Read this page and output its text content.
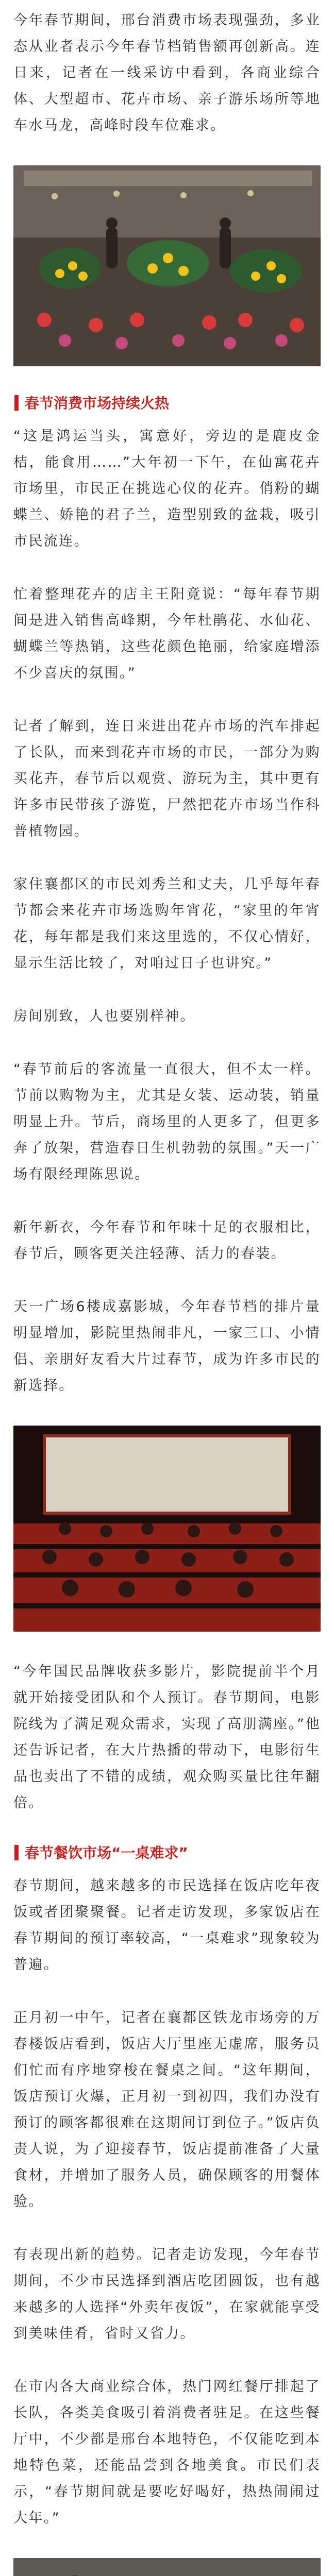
今年春节期间，邢台消费市场表现强劲，多业态从业者表示今年春节档销售额再创新高。连日来，记者在一线采访中看到，各商业综合体、大型超市、花卉市场、亲子游乐场所等地车水马龙，高峰时段车位难求。

春节消费市场持续火热

“这是鸿运当头，寓意好，旁边的是鹿皮金桔，能食用……”大年初一下午，在仙寓花卉市场里，市民正在挑选心仪的花卉。俏粉的蝴蝶兰、娇艳的君子兰，造型别致的盆栽，吸引市民流连。

忙着整理花卉的店主王阳竟说：“每年春节期间是进入销售高峰期，今年杜鹃花、水仙花、蝴蝶兰等热销，这些花颜色艳丽，给家庭增添不少喜庆的氛围。”

记者了解到，连日来进出花卉市场的汽车排起了长队，而来到花卉市场的市民，一部分为购买花卉，春节后以观赏、游玩为主，其中更有许多市民带孩子游览，尸然把花卉市场当作科普植物园。

家住襄都区的市民刘秀兰和丈夫，几乎每年春节都会来花卉市场选购年宵花，“家里的年宵花，每年都是我们来这里选的，不仅心情好，显示生活比较了，对咱过日子也讲究。”

房间别致，人也要别样神。

“春节前后的客流量一直很大，但不太一样。节前以购物为主，尤其是女装、运动装，销量明显上升。节后，商场里的人更多了，但更多奔了放架，营造春日生机勃勃的氛围。”天一广场有限经理陈思说。

新年新衣，今年春节和年味十足的衣服相比，春节后，顾客更关注轻薄、活力的春装。

天一广场6楼成嘉影城，今年春节档的排片量明显增加，影院里热闹非凡，一家三口、小情侣、亲朋好友看大片过春节，成为许多市民的新选择。

“今年国民品牌收获多影片，影院提前半个月就开始接受团队和个人预订。春节期间，电影院线为了满足观众需求，实现了高朋满座。”他还告诉记者，在大片热播的带动下，电影衍生品也卖出了不错的成绩，观众购买量比往年翻倍。

春节餐饮市场“一桌难求”

春节期间，越来越多的市民选择在饭店吃年夜饭或者团聚聚餐。记者走访发现，多家饭店在春节期间的预订率较高，“一桌难求”现象较为普遍。

正月初一中午，记者在襄都区铁龙市场旁的万春楼饭店看到，饭店大厅里座无虚席，服务员们忙而有序地穿梭在餐桌之间。“这年期间，饭店预订火爆，正月初一到初四，我们办没有预订的顾客都很难在这期间订到位子。”饭店负责人说，为了迎接春节，饭店提前准备了大量食材，并增加了服务人员，确保顾客的用餐体验。

有表现出新的趋势。记者走访发现，今年春节期间，不少市民选择到酒店吃团圆饭，也有越来越多的人选择“外卖年夜饭”，在家就能享受到美味佳肴，省时又省力。

在市内各大商业综合体，热门网红餐厅排起了长队，各类美食吸引着消费者驻足。在这些餐厅中，不少都是邢台本地特色，不仅能吃到本地特色菜，还能品尝到各地美食。市民们表示，“春节期间就是要吃好喝好，热热闹闹过大年。”
